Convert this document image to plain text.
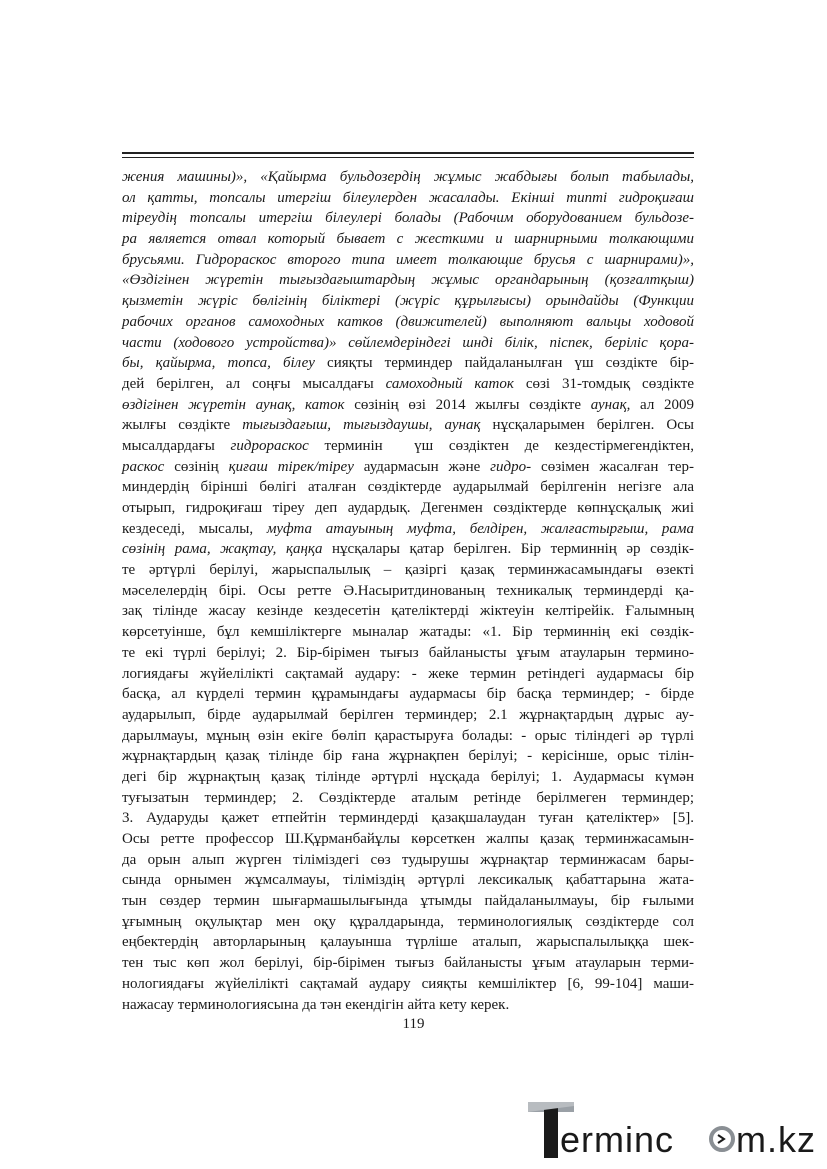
жения машины)», «Қайырма бульдозердің жұмыс жабдығы болып табылады,
ол қатты, топсалы итергіш білеулерден жасалады. Екінші типті гидроқиғаш
тіреудің топсалы итергіш білеулері болады (Рабочим оборудованием бульдозе-
ра является отвал который бывает с жесткими и шарнирными толкающими
брусьями. Гидрораскос второго типа имеет толкающие брусья с шарнирами)»,
«Өздігінен жүретін тығыздағыштардың жұмыс органдарының (қозғалтқыш)
қызметін жүріс бөлігінің біліктері (жүріс құрылғысы) орындайды (Функции
рабочих органов самоходных катков (движителей) выполняют вальцы ходовой
части (ходового устройства)» сөйлемдеріндегі шнді білік, піспек, беріліс қора-
бы, қайырма, топса, білеу сияқты терминдер пайдаланылған үш сөздікте бір-
дей берілген, ал соңғы мысалдағы самоходный каток сөзі 31-томдық сөздікте
өздігінен жүретін аунақ, каток сөзінің өзі 2014 жылғы сөздікте аунақ, ал 2009
жылғы сөздікте тығыздағыш, тығыздаушы, аунақ нұсқаларымен берілген. Осы
мысалдардағы гидрораскос терминін  үш сөздіктен де кездестірмегендіктен,
раскос сөзінің қиғаш тірек/тіреу аудармасын және гидро- сөзімен жасалған тер-
миндердің бірінші бөлігі аталған сөздіктерде аударылмай берілгенін негізге ала
отырып, гидроқиғаш тіреу деп аудардық. Дегенмен сөздіктерде көпнұсқалық жиі
кездеседі, мысалы, муфта атауының муфта, белдірен, жалғастырғыш, рама
сөзінің рама, жақтау, қаңқа нұсқалары қатар берілген. Бір терминнің әр сөздік-
те әртүрлі берілуі, жарыспалылық – қазіргі қазақ терминжасамындағы өзекті
мәселелердің бірі. Осы ретте Ә.Насыритдинованың техникалық терминдерді қа-
зақ тілінде жасау кезінде кездесетін қателіктерді жіктеуін келтірейік. Ғалымның
көрсетуінше, бұл кемшіліктерге мыналар жатады: «1. Бір терминнің екі сөздік-
те екі түрлі берілуі; 2. Бір-бірімен тығыз байланысты ұғым атауларын термино-
логиядағы жүйелілікті сақтамай аудару: - жеке термин ретіндегі аудармасы бір
басқа, ал күрделі термин құрамындағы аудармасы бір басқа терминдер; - бірде
аударылып, бірде аударылмай берілген терминдер; 2.1 жұрнақтардың дұрыс ау-
дарылмауы, мұның өзін екіге бөліп қарастыруға болады: - орыс тіліндегі әр түрлі
жұрнақтардың қазақ тілінде бір ғана жұрнақпен берілуі; - керісінше, орыс тілін-
дегі бір жұрнақтың қазақ тілінде әртүрлі нұсқада берілуі; 1. Аудармасы күмән
туғызатын терминдер; 2. Сөздіктерде аталым ретінде берілмеген терминдер;
3. Аударуды қажет етпейтін терминдерді қазақшалаудан туған қателіктер» [5].
Осы ретте профессор Ш.Құрманбайұлы көрсеткен жалпы қазақ терминжасамын-
да орын алып жүрген тіліміздегі сөз тудырушы жұрнақтар терминжасам бары-
сында орнымен жұмсалмауы, тіліміздің әртүрлі лексикалық қабаттарына жата-
тын сөздер термин шығармашылығында ұтымды пайдаланылмауы, бір ғылыми
ұғымның оқулықтар мен оқу құралдарында, терминологиялық сөздіктерде сол
еңбектердің авторларының қалауынша түрліше аталып, жарыспалылыққа шек-
тен тыс көп жол берілуі, бір-бірімен тығыз байланысты ұғым атауларын терми-
нологиядағы жүйелілікті сақтамай аудару сияқты кемшіліктер [6, 99-104] маши-
нажасау терминологиясына да тән екендігін айта кету керек.
119
erminc m.kz
